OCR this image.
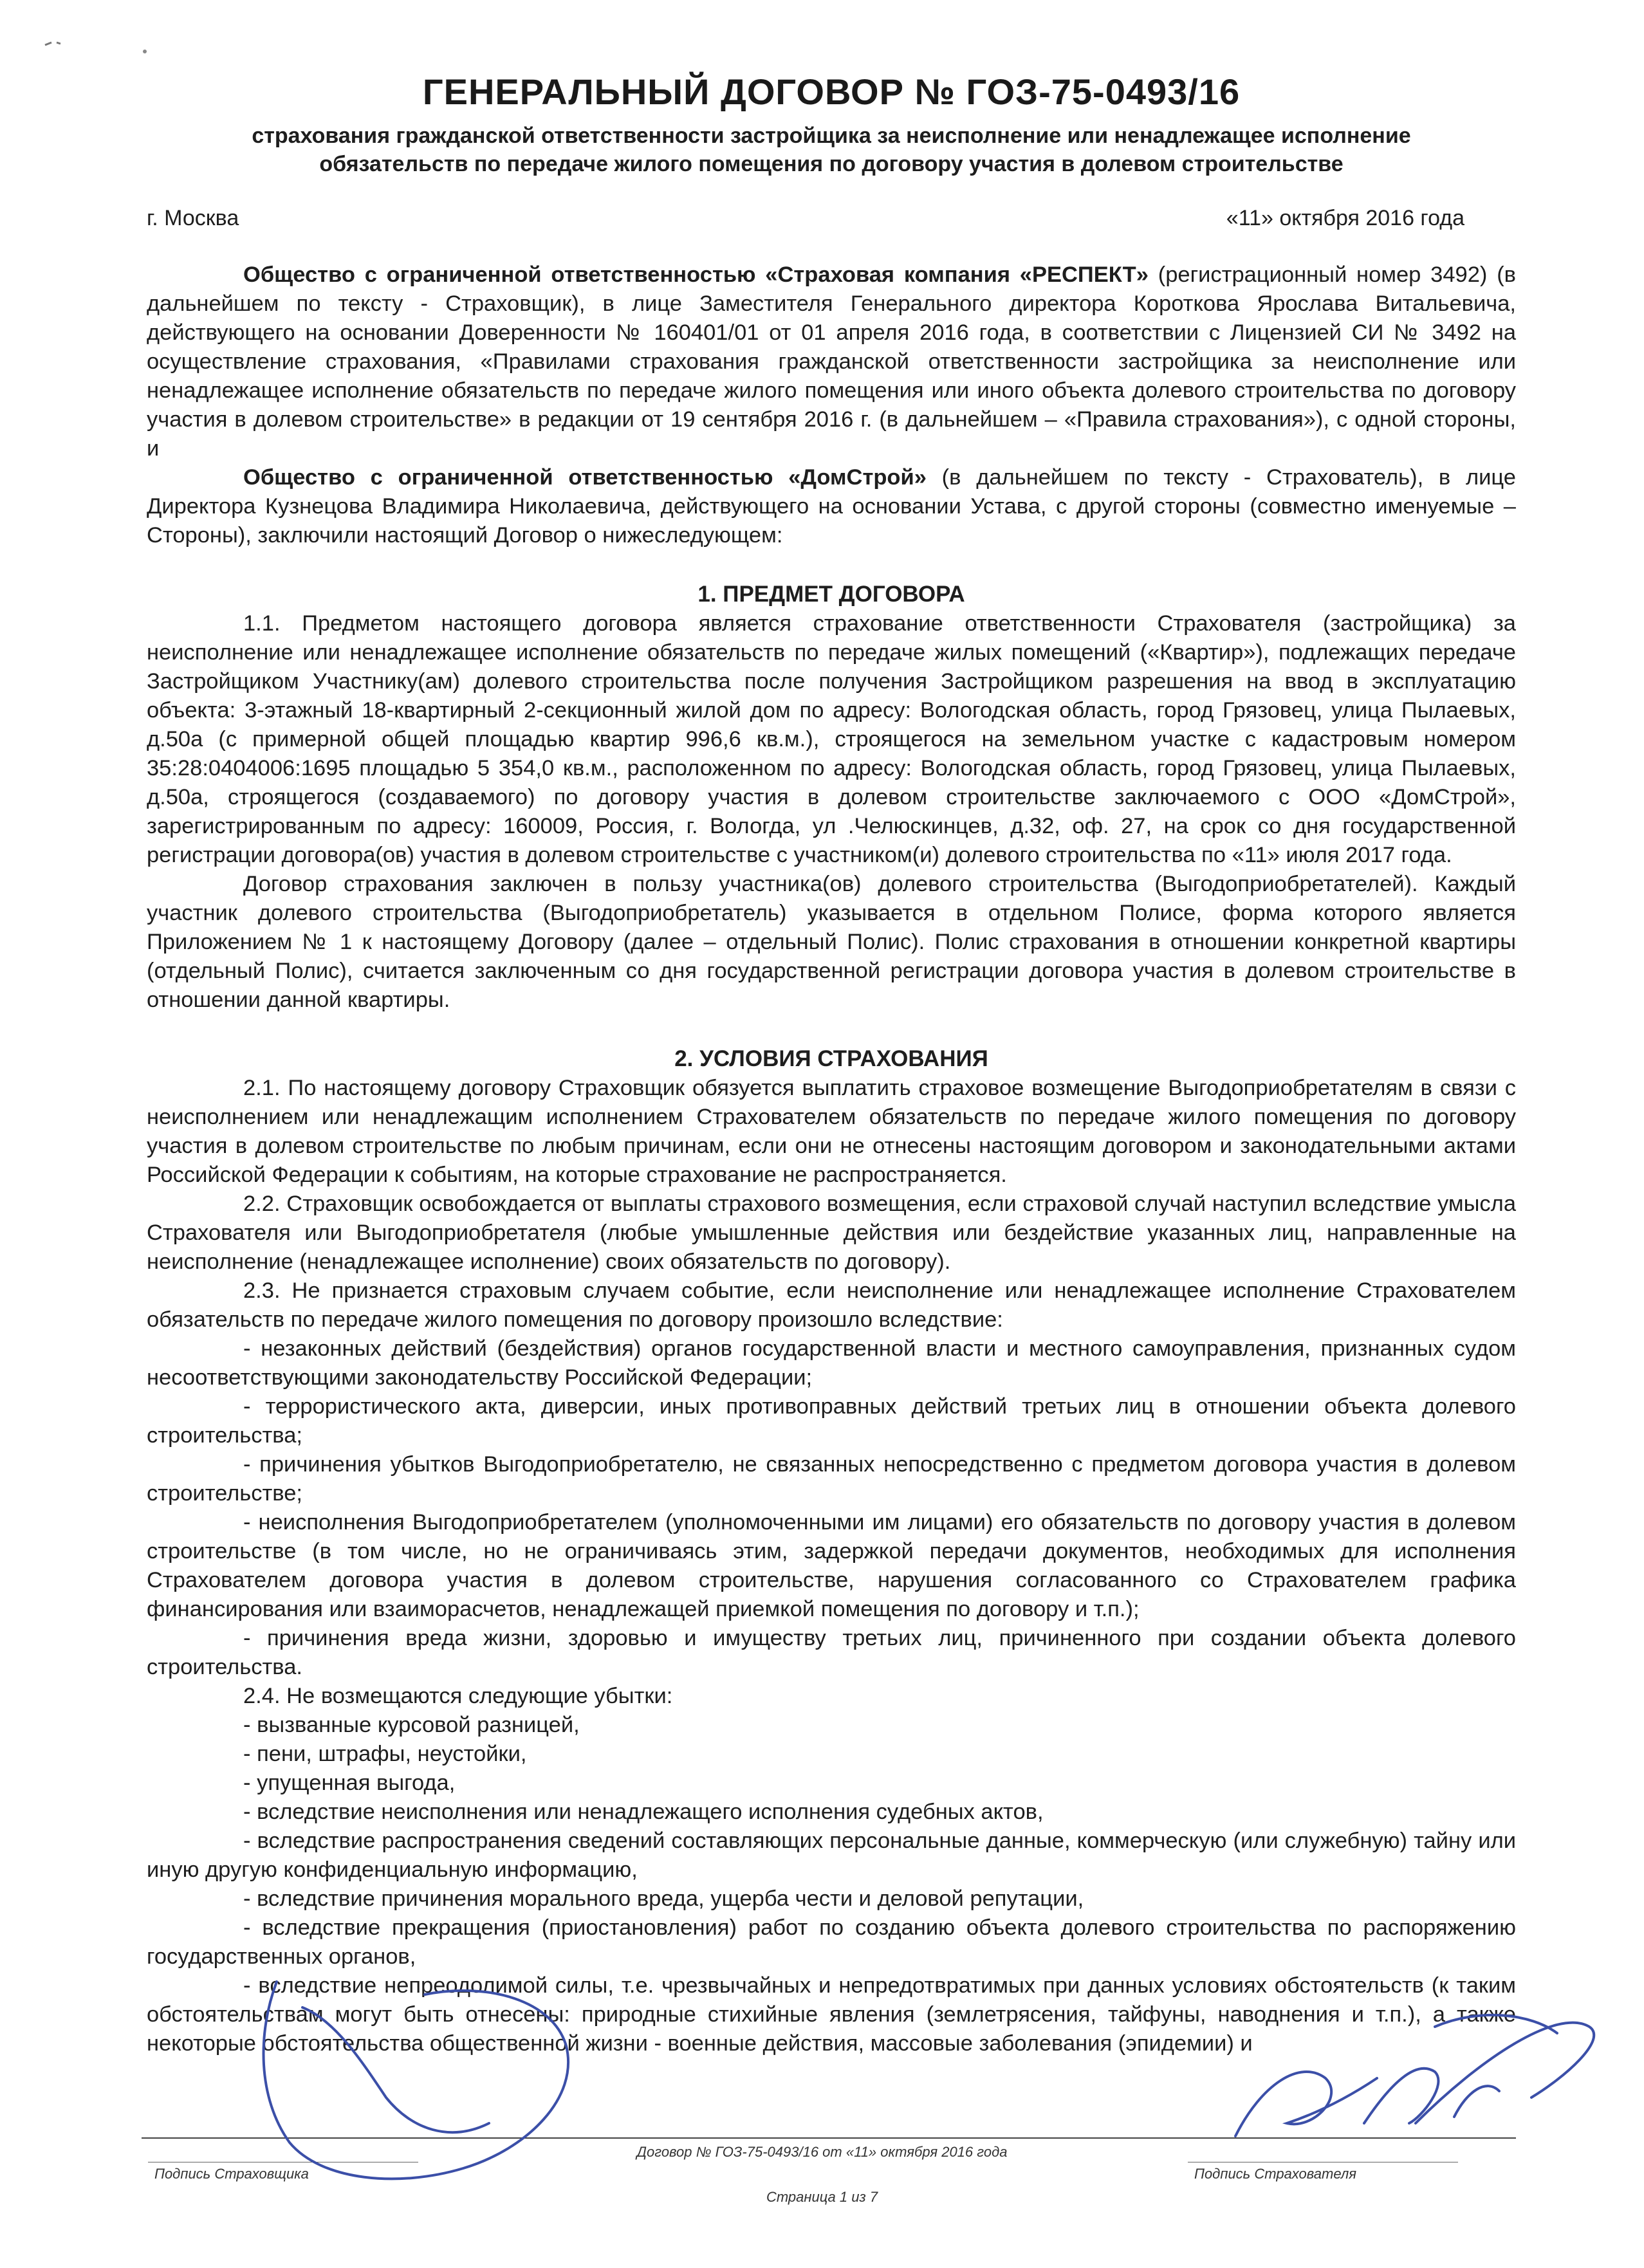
ГЕНЕРАЛЬНЫЙ ДОГОВОР № ГОЗ-75-0493/16
страхования гражданской ответственности застройщика за неисполнение или ненадлежащее исполнение
обязательств по передаче жилого помещения по договору участия в долевом строительстве
г. Москва	«11» октября 2016 года

Общество с ограниченной ответственностью «Страховая компания «РЕСПЕКТ» (регистрационный номер 3492) (в дальнейшем по тексту - Страховщик), в лице Заместителя Генерального директора Короткова Ярослава Витальевича, действующего на основании Доверенности № 160401/01 от 01 апреля 2016 года, в соответствии с Лицензией СИ № 3492 на осуществление страхования, «Правилами страхования гражданской ответственности застройщика за неисполнение или ненадлежащее исполнение обязательств по передаче жилого помещения или иного объекта долевого строительства по договору участия в долевом строительстве» в редакции от 19 сентября 2016 г. (в дальнейшем – «Правила страхования»), с одной стороны, и

Общество с ограниченной ответственностью «ДомСтрой» (в дальнейшем по тексту - Страхователь), в лице Директора Кузнецова Владимира Николаевича, действующего на основании Устава, с другой стороны (совместно именуемые – Стороны), заключили настоящий Договор о нижеследующем:

1. ПРЕДМЕТ ДОГОВОРА

1.1. Предметом настоящего договора является страхование ответственности Страхователя (застройщика) за неисполнение или ненадлежащее исполнение обязательств по передаче жилых помещений («Квартир»), подлежащих передаче Застройщиком Участнику(ам) долевого строительства после получения Застройщиком разрешения на ввод в эксплуатацию объекта: 3-этажный 18-квартирный 2-секционный жилой дом по адресу: Вологодская область, город Грязовец, улица Пылаевых, д.50а (с примерной общей площадью квартир 996,6 кв.м.), строящегося на земельном участке с кадастровым номером 35:28:0404006:1695 площадью 5 354,0 кв.м., расположенном по адресу: Вологодская область, город Грязовец, улица Пылаевых, д.50а, строящегося (создаваемого) по договору участия в долевом строительстве заключаемого с ООО «ДомСтрой», зарегистрированным по адресу: 160009, Россия, г. Вологда, ул .Челюскинцев, д.32, оф. 27, на срок со дня государственной регистрации договора(ов) участия в долевом строительстве с участником(и) долевого строительства по «11» июля 2017 года.

Договор страхования заключен в пользу участника(ов) долевого строительства (Выгодоприобретателей). Каждый участник долевого строительства (Выгодоприобретатель) указывается в отдельном Полисе, форма которого является Приложением № 1 к настоящему Договору (далее – отдельный Полис). Полис страхования в отношении конкретной квартиры (отдельный Полис), считается заключенным со дня государственной регистрации договора участия в долевом строительстве в отношении данной квартиры.

2. УСЛОВИЯ СТРАХОВАНИЯ

2.1. По настоящему договору Страховщик обязуется выплатить страховое возмещение Выгодоприобретателям в связи с неисполнением или ненадлежащим исполнением Страхователем обязательств по передаче жилого помещения по договору участия в долевом строительстве по любым причинам, если они не отнесены настоящим договором и законодательными актами Российской Федерации к событиям, на которые страхование не распространяется.

2.2. Страховщик освобождается от выплаты страхового возмещения, если страховой случай наступил вследствие умысла Страхователя или Выгодоприобретателя (любые умышленные действия или бездействие указанных лиц, направленные на неисполнение (ненадлежащее исполнение) своих обязательств по договору).

2.3. Не признается страховым случаем событие, если неисполнение или ненадлежащее исполнение Страхователем обязательств по передаче жилого помещения по договору произошло вследствие:

- незаконных действий (бездействия) органов государственной власти и местного самоуправления, признанных судом несоответствующими законодательству Российской Федерации;

- террористического акта, диверсии, иных противоправных действий третьих лиц в отношении объекта долевого строительства;

- причинения убытков Выгодоприобретателю, не связанных непосредственно с предметом договора участия в долевом строительстве;

- неисполнения Выгодоприобретателем (уполномоченными им лицами) его обязательств по договору участия в долевом строительстве (в том числе, но не ограничиваясь этим, задержкой передачи документов, необходимых для исполнения Страхователем договора участия в долевом строительстве, нарушения согласованного со Страхователем графика финансирования или взаиморасчетов, ненадлежащей приемкой помещения по договору и т.п.);

- причинения вреда жизни, здоровью и имуществу третьих лиц, причиненного при создании объекта долевого строительства.

2.4. Не возмещаются следующие убытки:

- вызванные курсовой разницей,

- пени, штрафы, неустойки,

- упущенная выгода,

- вследствие неисполнения или ненадлежащего исполнения судебных актов,

- вследствие распространения сведений составляющих персональные данные, коммерческую (или служебную) тайну или иную другую конфиденциальную информацию,

- вследствие причинения морального вреда, ущерба чести и деловой репутации,

- вследствие прекращения (приостановления) работ по созданию объекта долевого строительства по распоряжению государственных органов,

- вследствие непреодолимой силы, т.е. чрезвычайных и непредотвратимых при данных условиях обстоятельств (к таким обстоятельствам могут быть отнесены: природные стихийные явления (землетрясения, тайфуны, наводнения и т.п.), а также некоторые обстоятельства общественной жизни - военные действия, массовые заболевания (эпидемии) и

Договор № ГОЗ-75-0493/16 от «11» октября 2016 года
Подпись Страховщика	Подпись Страхователя
Страница 1 из 7
